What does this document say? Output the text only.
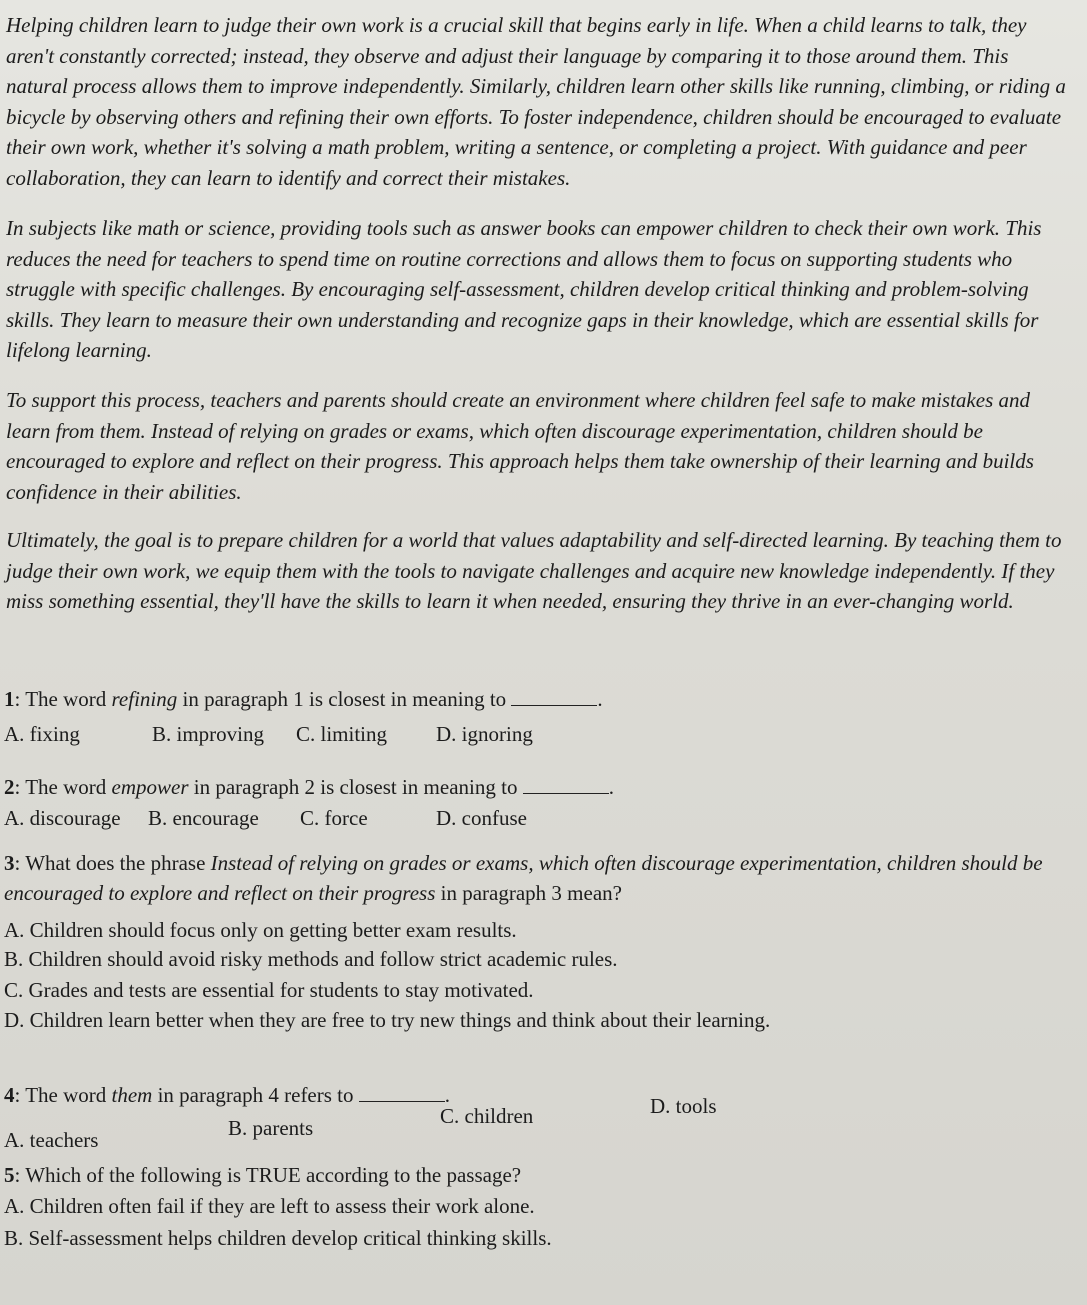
Helping children learn to judge their own work is a crucial skill that begins early in life. When a child learns to talk, they aren't constantly corrected; instead, they observe and adjust their language by comparing it to those around them. This natural process allows them to improve independently. Similarly, children learn other skills like running, climbing, or riding a bicycle by observing others and refining their own efforts. To foster independence, children should be encouraged to evaluate their own work, whether it's solving a math problem, writing a sentence, or completing a project. With guidance and peer collaboration, they can learn to identify and correct their mistakes.

In subjects like math or science, providing tools such as answer books can empower children to check their own work. This reduces the need for teachers to spend time on routine corrections and allows them to focus on supporting students who struggle with specific challenges. By encouraging self-assessment, children develop critical thinking and problem-solving skills. They learn to measure their own understanding and recognize gaps in their knowledge, which are essential skills for lifelong learning.

To support this process, teachers and parents should create an environment where children feel safe to make mistakes and learn from them. Instead of relying on grades or exams, which often discourage experimentation, children should be encouraged to explore and reflect on their progress. This approach helps them take ownership of their learning and builds confidence in their abilities.

Ultimately, the goal is to prepare children for a world that values adaptability and self-directed learning. By teaching them to judge their own work, we equip them with the tools to navigate challenges and acquire new knowledge independently. If they miss something essential, they'll have the skills to learn it when needed, ensuring they thrive in an ever-changing world.

1: The word refining in paragraph 1 is closest in meaning to	.

A. fixing	B. improving C. limiting D. ignoring

2: The word empower in paragraph 2 is closest in meaning to	.

A. discourage B. encourage C. force	D. confuse

3: What does the phrase Instead of relying on grades or exams, which often discourage experimentation, children should be encouraged to explore and reflect on their progress in paragraph 3 mean?

A. Children should focus only on getting better exam results.
B. Children should avoid risky methods and follow strict academic rules.
C. Grades and tests are essential for students to stay motivated.
D. Children learn better when they are free to try new things and think about their learning.

4: The word them in paragraph 4 refers to	.

A. teachers	B. parents	C. children	D. tools

5: Which of the following is TRUE according to the passage?

A. Children often fail if they are left to assess their work alone.
B. Self-assessment helps children develop critical thinking skills.
